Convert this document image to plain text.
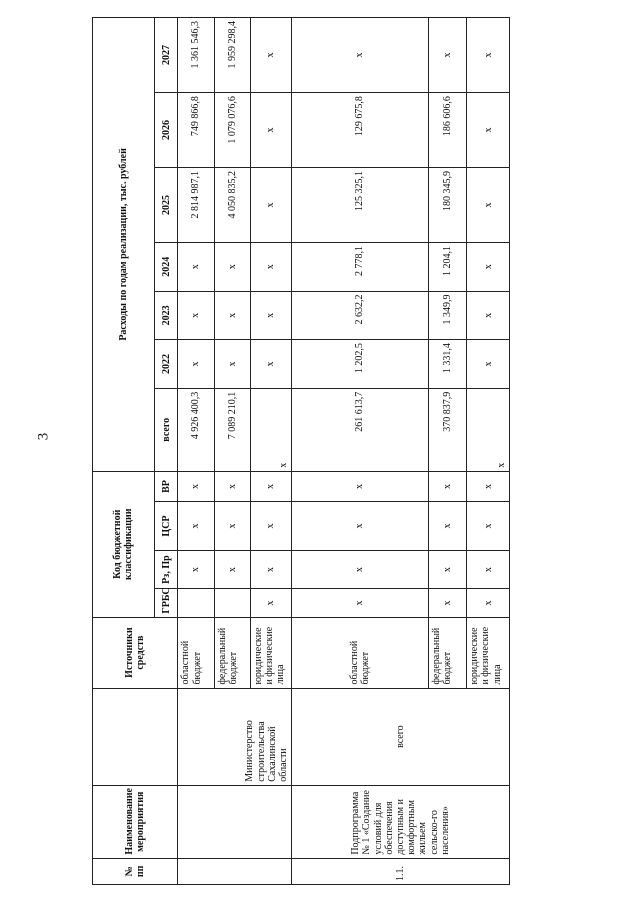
3
№ пп	Наименование мероприятия		Источники средств	Код бюджетной классификации				Расходы по годам реализации, тыс. рублей						
				ГРБС	Рз, Пр	ЦСР	ВР	всего	2022	2023	2024	2025	2026	2027
		Министерство строительства Сахалинской области	областной бюджет		х	х	х	4 926 400,3	х	х	х	2 814 987,1	749 866,8	1 361 546,3
			федеральный бюджет		х	х	х	7 089 210,1	х	х	х	4 050 835,2	1 079 076,6	1 959 298,4
			юридические и физические лица	х	х	х	х	х	х	х	х	х	х	х
1.1.	Подпрограмма № 1 «Создание условий для обеспечения доступным и комфортным жильем сельско-го населения»	всего	областной бюджет	х	х	х	х	261 613,7	1 202,5	2 632,2	2 778,1	125 325,1	129 675,8	х
			федеральный бюджет	х	х	х	х	370 837,9	1 331,4	1 349,9	1 204,1	180 345,9	186 606,6	х
			юридические и физические лица	х	х	х	х	х	х	х	х	х	х	х
